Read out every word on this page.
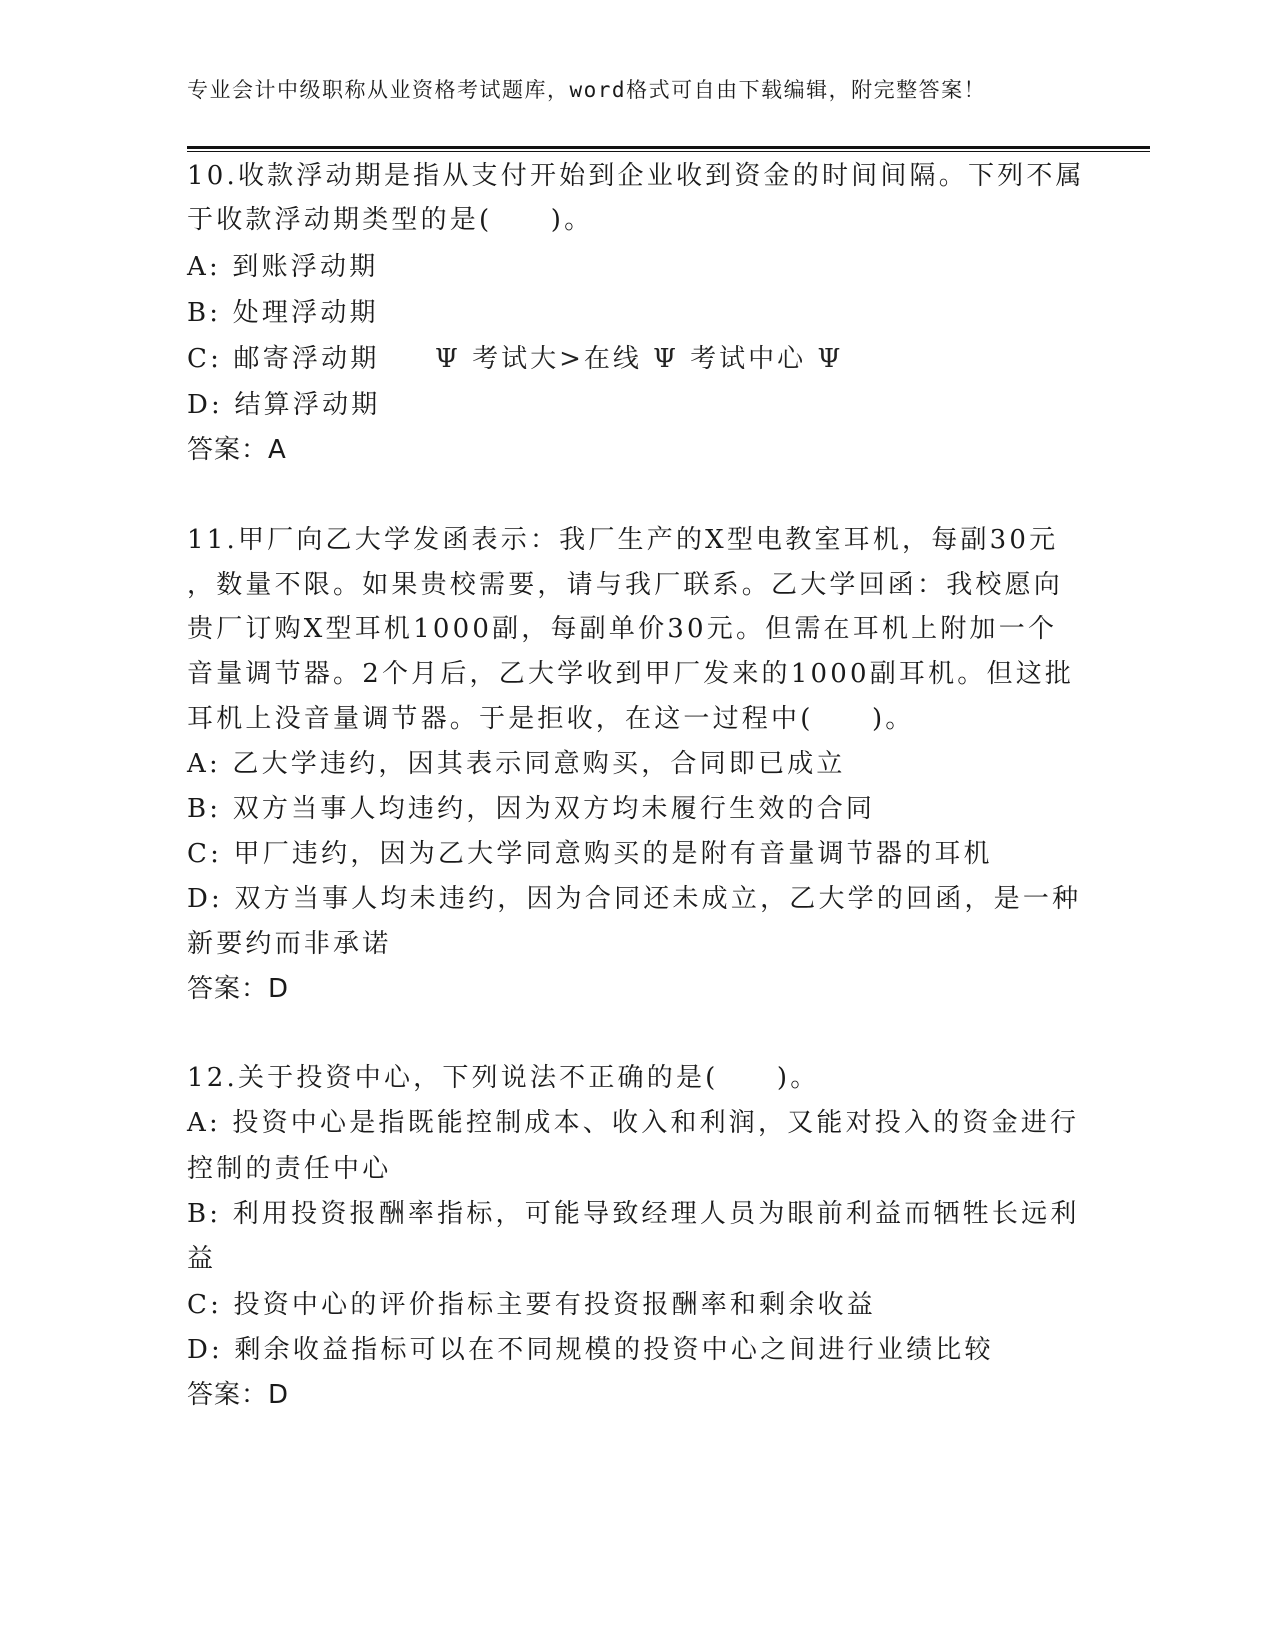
专业会计中级职称从业资格考试题库，word格式可自由下载编辑，附完整答案！
10.收款浮动期是指从支付开始到企业收到资金的时间间隔。下列不属
于收款浮动期类型的是(　　)。
A: 到账浮动期
B: 处理浮动期
C: 邮寄浮动期
D: 结算浮动期
答案：A
Ψ 考试大>在线 Ψ 考试中心 Ψ
11.甲厂向乙大学发函表示：我厂生产的X型电教室耳机，每副30元
，数量不限。如果贵校需要，请与我厂联系。乙大学回函：我校愿向
贵厂订购X型耳机1000副，每副单价30元。但需在耳机上附加一个
音量调节器。2个月后，乙大学收到甲厂发来的1000副耳机。但这批
耳机上没音量调节器。于是拒收，在这一过程中(　　)。
A: 乙大学违约，因其表示同意购买，合同即已成立
B: 双方当事人均违约，因为双方均未履行生效的合同
C: 甲厂违约，因为乙大学同意购买的是附有音量调节器的耳机
D: 双方当事人均未违约，因为合同还未成立，乙大学的回函，是一种
新要约而非承诺
答案：D
12.关于投资中心，下列说法不正确的是(　　)。
A: 投资中心是指既能控制成本、收入和利润，又能对投入的资金进行
控制的责任中心
B: 利用投资报酬率指标，可能导致经理人员为眼前利益而牺牲长远利
益
C: 投资中心的评价指标主要有投资报酬率和剩余收益
D: 剩余收益指标可以在不同规模的投资中心之间进行业绩比较
答案：D
